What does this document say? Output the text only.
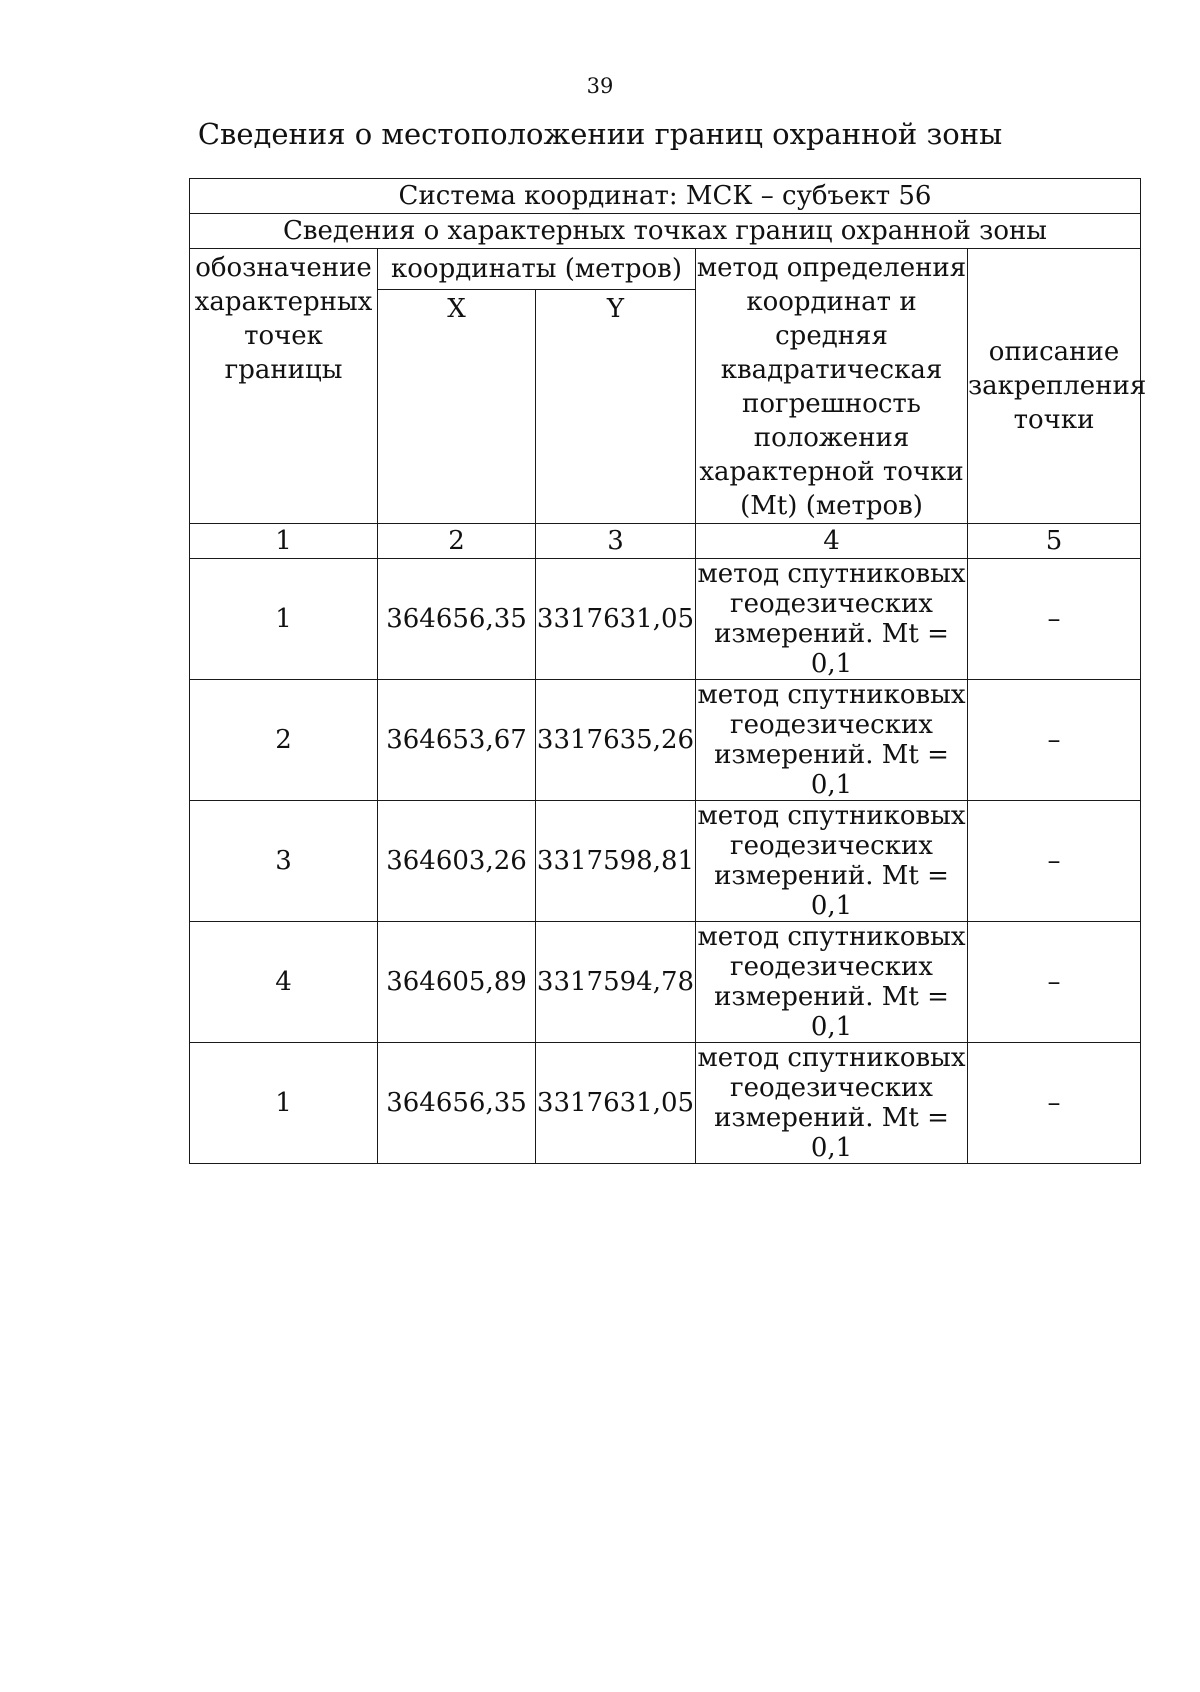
39
Сведения о местоположении границ охранной зоны
Система координат: МСК – субъект 56				
Сведения о характерных точках границ охранной зоны				
обозначение характерных точек границы	координаты (метров)		метод определения координат и средняя квадратическая погрешность положения характерной точки (Mt) (метров)	описание закрепления точки
	X	Y		
1	2	3	4	5
1	364656,35	3317631,05	метод спутниковых геодезических измерений. Mt = 0,1	–
2	364653,67	3317635,26	метод спутниковых геодезических измерений. Mt = 0,1	–
3	364603,26	3317598,81	метод спутниковых геодезических измерений. Mt = 0,1	–
4	364605,89	3317594,78	метод спутниковых геодезических измерений. Mt = 0,1	–
1	364656,35	3317631,05	метод спутниковых геодезических измерений. Mt = 0,1	–
